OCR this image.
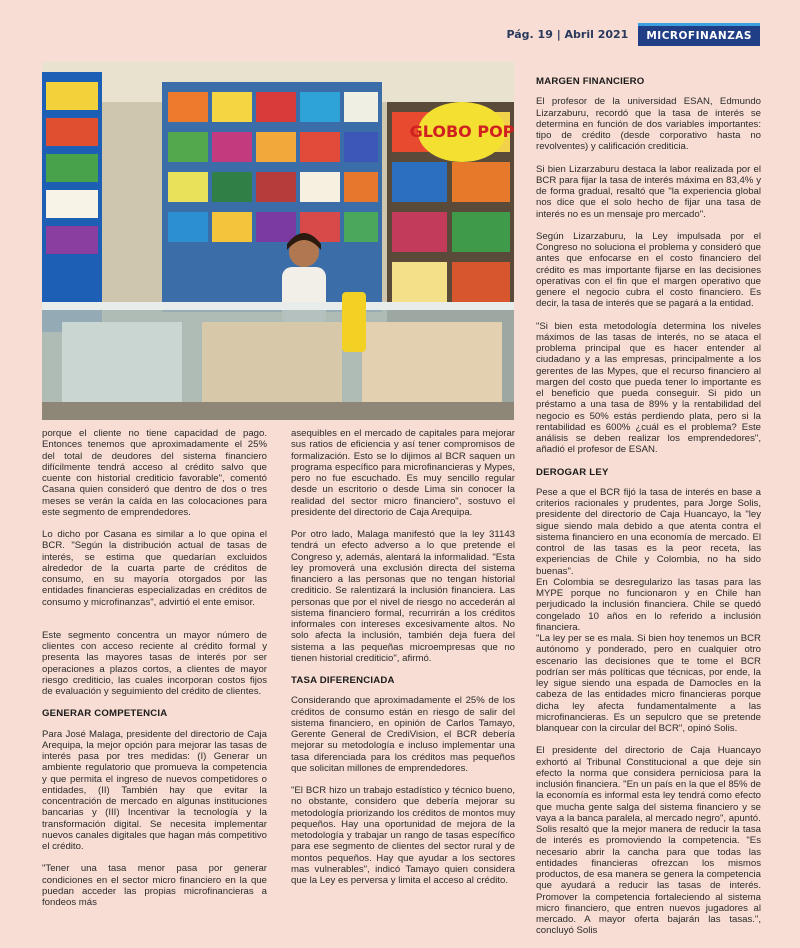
Pág. 19 | Abril 2021	MICROFINANZAS
GLOBO POP

porque el cliente no tiene capacidad de pago. Entonces tenemos que aproximadamente el 25% del total de deudores del sistema financiero difícilmente tendrá acceso al crédito salvo que cuente con historial crediticio favorable", comentó Casana quien consideró que dentro de dos o tres meses se verán la caída en las colocaciones para este segmento de emprendedores.

Lo dicho por Casana es similar a lo que opina el BCR. "Según la distribución actual de tasas de interés, se estima que quedarían excluidos alrededor de la cuarta parte de créditos de consumo, en su mayoría otorgados por las entidades financieras especializadas en créditos de consumo y microfinanzas", advirtió el ente emisor.

Este segmento concentra un mayor número de clientes con acceso reciente al crédito formal y presenta las mayores tasas de interés por ser operaciones a plazos cortos, a clientes de mayor riesgo crediticio, las cuales incorporan costos fijos de evaluación y seguimiento del crédito de clientes.

GENERAR COMPETENCIA

Para José Malaga, presidente del directorio de Caja Arequipa, la mejor opción para mejorar las tasas de interés pasa por tres medidas: (I) Generar un ambiente regulatorio que promueva la competencia y que permita el ingreso de nuevos competidores o entidades, (II) También hay que evitar la concentración de mercado en algunas instituciones bancarias y (III) Incentivar la tecnología y la transformación digital. Se necesita implementar nuevos canales digitales que hagan más competitivo el crédito.

"Tener una tasa menor pasa por generar condiciones en el sector micro financiero en la que puedan acceder las propias microfinancieras a fondeos más

asequibles en el mercado de capitales para mejorar sus ratios de eficiencia y así tener compromisos de formalización. Esto se lo dijimos al BCR saquen un programa específico para microfinancieras y Mypes, pero no fue escuchado. Es muy sencillo regular desde un escritorio o desde Lima sin conocer la realidad del sector micro financiero", sostuvo el presidente del directorio de Caja Arequipa.

Por otro lado, Malaga manifestó que la ley 31143 tendrá un efecto adverso a lo que pretende el Congreso y, además, alentará la informalidad. "Esta ley promoverá una exclusión directa del sistema financiero a las personas que no tengan historial crediticio. Se ralentizará la inclusión financiera. Las personas que por el nivel de riesgo no accederán al sistema financiero formal, recurrirán a los créditos informales con intereses excesivamente altos. No solo afecta la inclusión, también deja fuera del sistema a las pequeñas microempresas que no tienen historial crediticio", afirmó.

TASA DIFERENCIADA

Considerando que aproximadamente el 25% de los créditos de consumo están en riesgo de salir del sistema financiero, en opinión de Carlos Tamayo, Gerente General de CrediVision, el BCR debería mejorar su metodología e incluso implementar una tasa diferenciada para los créditos mas pequeños que solicitan millones de emprendedores.

"El BCR hizo un trabajo estadístico y técnico bueno, no obstante, considero que debería mejorar su metodología priorizando los créditos de montos muy pequeños. Hay una oportunidad de mejora de la metodología y trabajar un rango de tasas específico para ese segmento de clientes del sector rural y de montos pequeños. Hay que ayudar a los sectores mas vulnerables", indicó Tamayo quien considera que la Ley es perversa y limita el acceso al crédito.

MARGEN FINANCIERO

El profesor de la universidad ESAN, Edmundo Lizarzaburu, recordó que la tasa de interés se determina en función de dos variables importantes: tipo de crédito (desde corporativo hasta no revolventes) y calificación crediticia.

Si bien Lizarzaburu destaca la labor realizada por el BCR para fijar la tasa de interés máxima en 83,4% y de forma gradual, resaltó que "la experiencia global nos dice que el solo hecho de fijar una tasa de interés no es un mensaje pro mercado".

Según Lizarzaburu, la Ley impulsada por el Congreso no soluciona el problema y consideró que antes que enfocarse en el costo financiero del crédito es mas importante fijarse en las decisiones operativas con el fin que el margen operativo que genere el negocio cubra el costo financiero. Es decir, la tasa de interés que se pagará a la entidad.

"Si bien esta metodología determina los niveles máximos de las tasas de interés, no se ataca el problema principal que es hacer entender al ciudadano y a las empresas, principalmente a los gerentes de las Mypes, que el recurso financiero al margen del costo que pueda tener lo importante es el beneficio que pueda conseguir. Si pido un préstamo a una tasa de 89% y la rentabilidad del negocio es 50% estás perdiendo plata, pero si la rentabilidad es 600% ¿cuál es el problema? Este análisis se deben realizar los emprendedores", añadió el profesor de ESAN.

DEROGAR LEY

Pese a que el BCR fijó la tasa de interés en base a criterios racionales y prudentes, para Jorge Solis, presidente del directorio de Caja Huancayo, la "ley sigue siendo mala debido a que atenta contra el sistema financiero en una economía de mercado. El control de las tasas es la peor receta, las experiencias de Chile y Colombia, no ha sido buenas".

En Colombia se desregularizo las tasas para las MYPE porque no funcionaron y en Chile han perjudicado la inclusión financiera. Chile se quedó congelado 10 años en lo referido a inclusión financiera.

"La ley per se es mala. Si bien hoy tenemos un BCR autónomo y ponderado, pero en cualquier otro escenario las decisiones que te tome el BCR podrían ser más políticas que técnicas, por ende, la ley sigue siendo una espada de Damocles en la cabeza de las entidades micro financieras porque dicha ley afecta fundamentalmente a las microfinancieras. Es un sepulcro que se pretende blanquear con la circular del BCR", opinó Solis.

El presidente del directorio de Caja Huancayo exhortó al Tribunal Constitucional a que deje sin efecto la norma que considera perniciosa para la inclusión financiera. "En un país en la que el 85% de la economía es informal esta ley tendrá como efecto que mucha gente salga del sistema financiero y se vaya a la banca paralela, al mercado negro", apuntó.

Solis resaltó que la mejor manera de reducir la tasa de interés es promoviendo la competencia. "Es necesario abrir la cancha para que todas las entidades financieras ofrezcan los mismos productos, de esa manera se genera la competencia que ayudará a reducir las tasas de interés. Promover la competencia fortaleciendo al sistema micro financiero, que entren nuevos jugadores al mercado. A mayor oferta bajarán las tasas.", concluyó Solis
